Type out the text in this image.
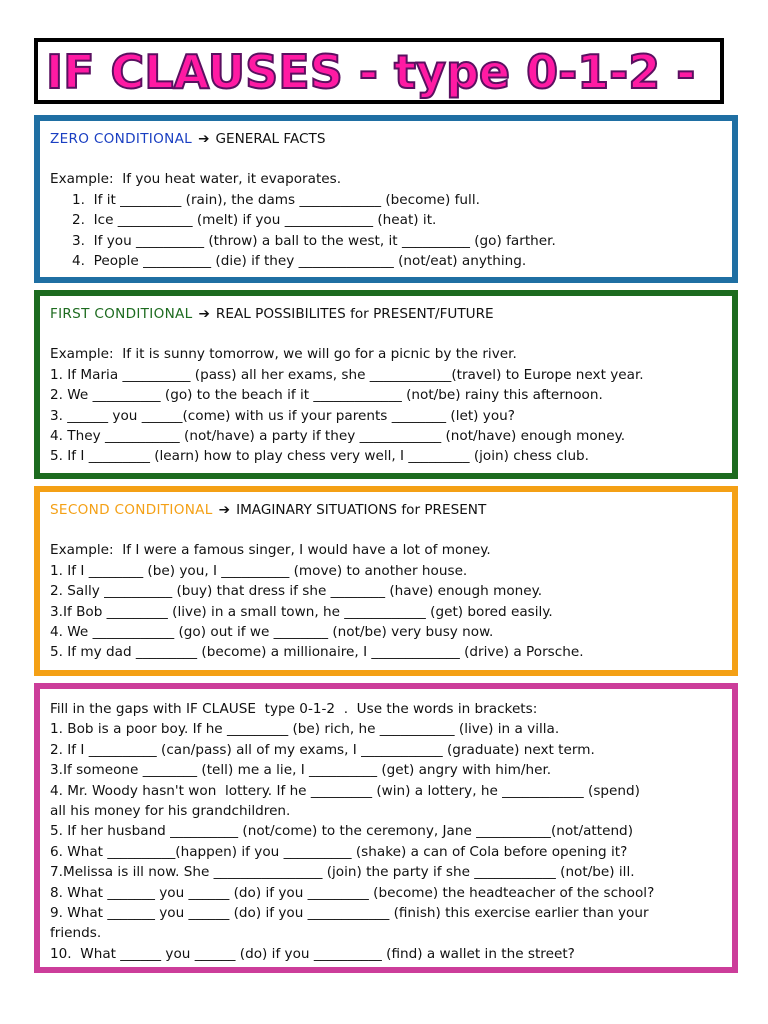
IF CLAUSES - type 0-1-2 -
ZERO CONDITIONAL ➔ GENERAL FACTS
Example:  If you heat water, it evaporates.
1.  If it _________ (rain), the dams ____________ (become) full.
2.  Ice ___________ (melt) if you _____________ (heat) it.
3.  If you __________ (throw) a ball to the west, it __________ (go) farther.
4.  People __________ (die) if they ______________ (not/eat) anything.
FIRST CONDITIONAL ➔ REAL POSSIBILITES for PRESENT/FUTURE
Example:  If it is sunny tomorrow, we will go for a picnic by the river.
1. If Maria __________ (pass) all her exams, she ____________(travel) to Europe next year.
2. We __________ (go) to the beach if it _____________ (not/be) rainy this afternoon.
3. ______ you ______(come) with us if your parents ________ (let) you?
4. They ___________ (not/have) a party if they ____________ (not/have) enough money.
5. If I _________ (learn) how to play chess very well, I _________ (join) chess club.
SECOND CONDITIONAL ➔ IMAGINARY SITUATIONS for PRESENT
Example:  If I were a famous singer, I would have a lot of money.
1. If I ________ (be) you, I __________ (move) to another house.
2. Sally __________ (buy) that dress if she ________ (have) enough money.
3.If Bob _________ (live) in a small town, he ____________ (get) bored easily.
4. We ____________ (go) out if we ________ (not/be) very busy now.
5. If my dad _________ (become) a millionaire, I _____________ (drive) a Porsche.
Fill in the gaps with IF CLAUSE  type 0-1-2  .  Use the words in brackets:
1. Bob is a poor boy. If he _________ (be) rich, he ___________ (live) in a villa.
2. If I __________ (can/pass) all of my exams, I ____________ (graduate) next term.
3.If someone ________ (tell) me a lie, I __________ (get) angry with him/her.
4. Mr. Woody hasn't won  lottery. If he _________ (win) a lottery, he ____________ (spend)
all his money for his grandchildren.
5. If her husband __________ (not/come) to the ceremony, Jane ___________(not/attend)
6. What __________(happen) if you __________ (shake) a can of Cola before opening it?
7.Melissa is ill now. She ________________ (join) the party if she ____________ (not/be) ill.
8. What _______ you ______ (do) if you _________ (become) the headteacher of the school?
9. What _______ you ______ (do) if you ____________ (finish) this exercise earlier than your
friends.
10.  What ______ you ______ (do) if you __________ (find) a wallet in the street?
